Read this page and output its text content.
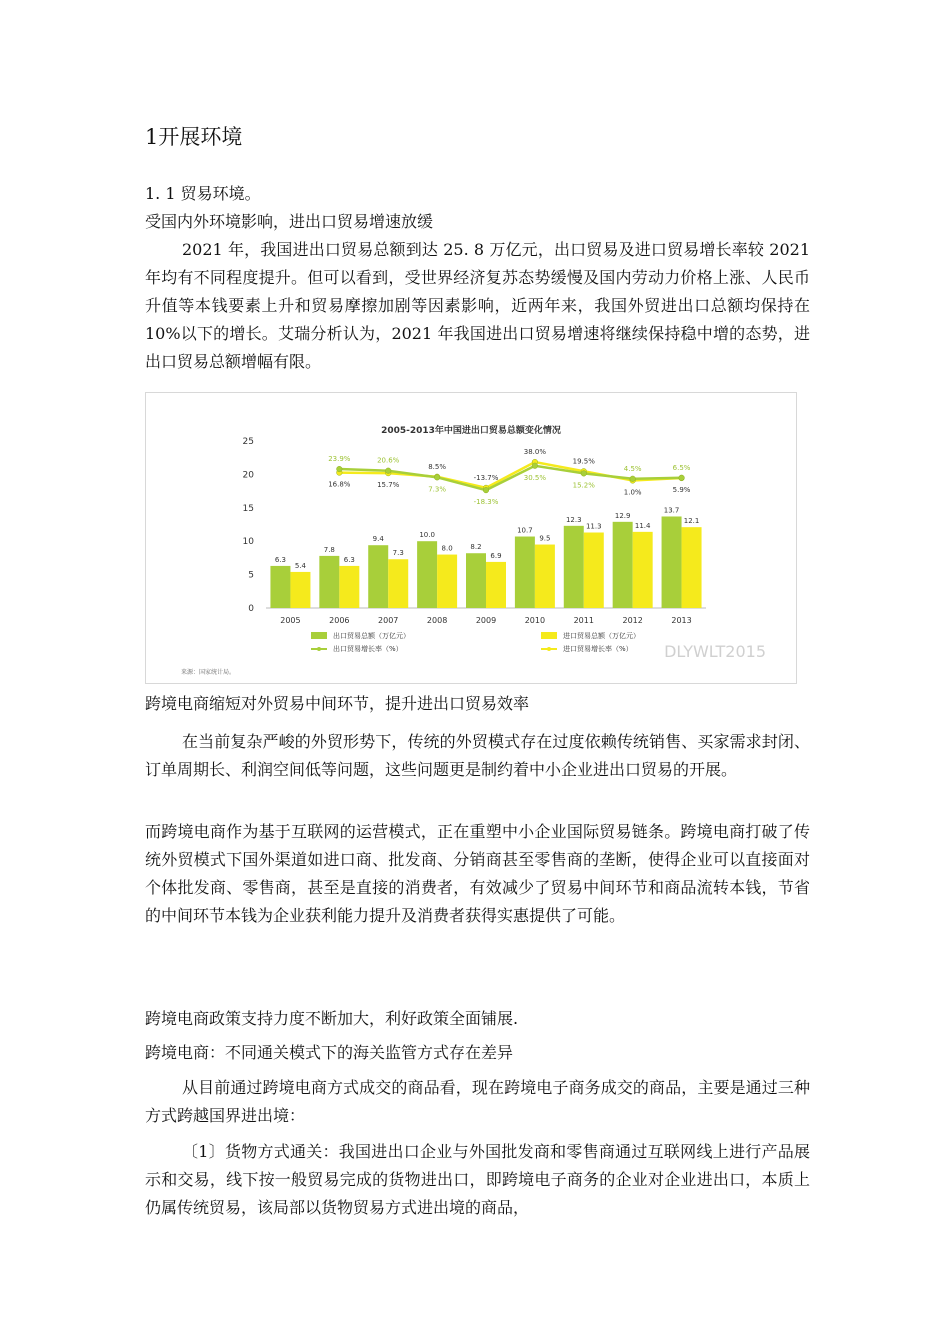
1开展环境
1. 1 贸易环境。
受国内外环境影响，进出口贸易增速放缓
2021 年，我国进出口贸易总额到达 25. 8 万亿元，出口贸易及进口贸易增长率较 2021 年均有不同程度提升。但可以看到，受世界经济复苏态势缓慢及国内劳动力价格上涨、人民币升值等本钱要素上升和贸易摩擦加剧等因素影响，近两年来，我国外贸进出口总额均保持在 10%以下的增长。艾瑞分析认为，2021 年我国进出口贸易增速将继续保持稳中增的态势，进出口贸易总额增幅有限。
2005-2013年中国进出口贸易总额变化情况
0
5
10
15
20
25
6.3
5.4
2005
7.8
6.3
2006
9.4
7.3
2007
10.0
8.0
2008
8.2
6.9
2009
10.7
9.5
2010
12.3
11.3
2011
12.9
11.4
2012
13.7
12.1
2013
23.9%	20.6%
7.3%
-18.3%
30.5%
15.2%
4.5%	6.5%
16.8%	15.7%
8.5%
-13.7%
38.0%
19.5%
1.0%	5.9%
出口贸易总额（万亿元）	进口贸易总额（万亿元）
出口贸易增长率（%）	进口贸易增长率（%）
来源：国家统计局。
DLYWLT2015
跨境电商缩短对外贸易中间环节，提升进出口贸易效率
在当前复杂严峻的外贸形势下，传统的外贸模式存在过度依赖传统销售、买家需求封闭、订单周期长、利润空间低等问题，这些问题更是制约着中小企业进出口贸易的开展。
而跨境电商作为基于互联网的运营模式，正在重塑中小企业国际贸易链条。跨境电商打破了传统外贸模式下国外渠道如进口商、批发商、分销商甚至零售商的垄断，使得企业可以直接面对个体批发商、零售商，甚至是直接的消费者，有效减少了贸易中间环节和商品流转本钱，节省的中间环节本钱为企业获利能力提升及消费者获得实惠提供了可能。
跨境电商政策支持力度不断加大，利好政策全面铺展.
跨境电商：不同通关模式下的海关监管方式存在差异
从目前通过跨境电商方式成交的商品看，现在跨境电子商务成交的商品，主要是通过三种方式跨越国界进出境：
〔1〕货物方式通关：我国进出口企业与外国批发商和零售商通过互联网线上进行产品展示和交易，线下按一般贸易完成的货物进出口，即跨境电子商务的企业对企业进出口，本质上仍属传统贸易，该局部以货物贸易方式进出境的商品，
